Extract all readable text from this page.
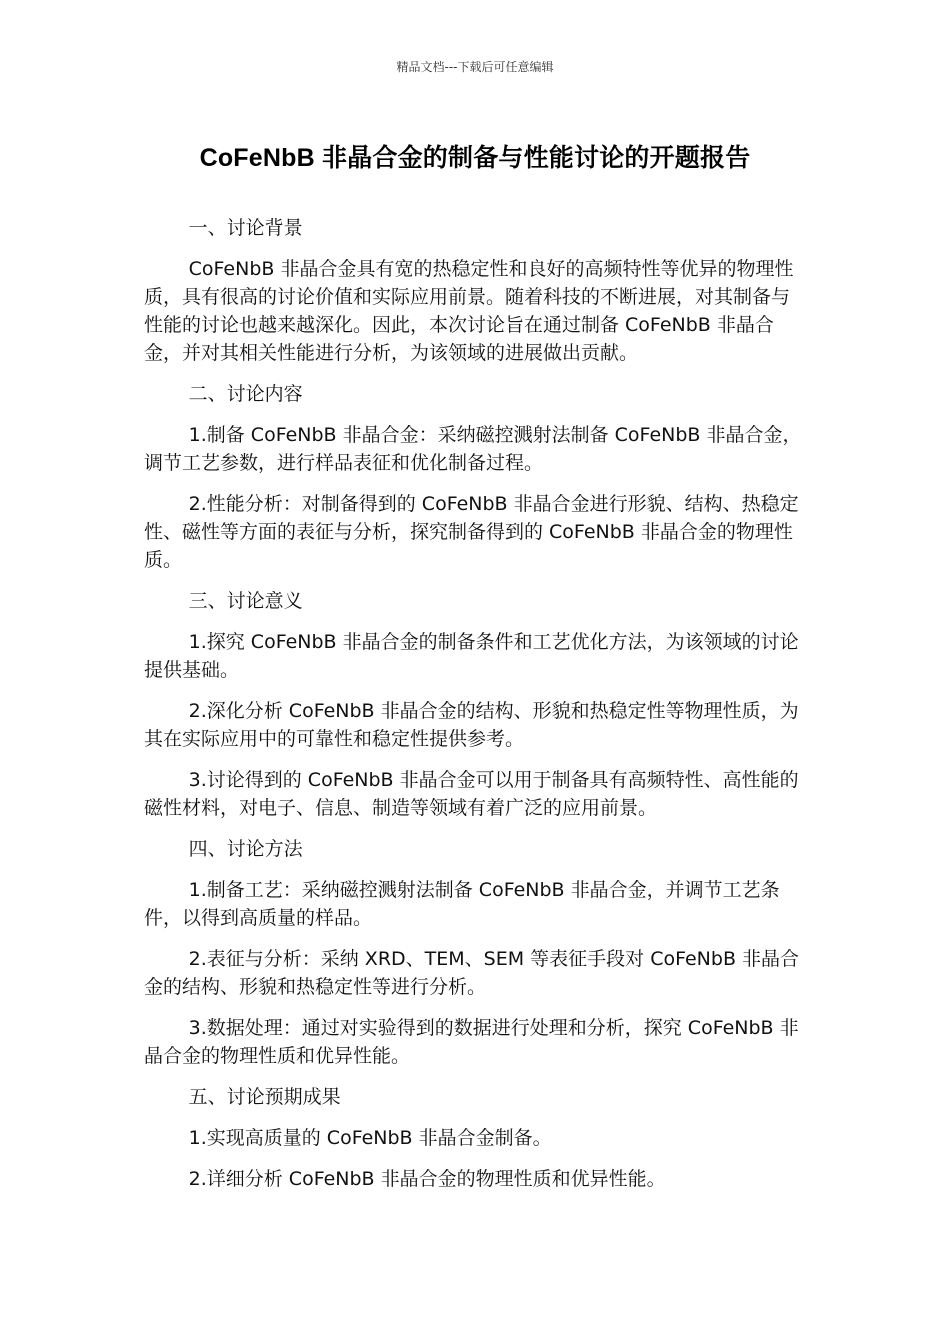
精品文档---下载后可任意编辑
CoFeNbB 非晶合金的制备与性能讨论的开题报告
一、讨论背景
CoFeNbB 非晶合金具有宽的热稳定性和良好的高频特性等优异的物理性质，具有很高的讨论价值和实际应用前景。随着科技的不断进展，对其制备与性能的讨论也越来越深化。因此，本次讨论旨在通过制备 CoFeNbB 非晶合金，并对其相关性能进行分析，为该领域的进展做出贡献。
二、讨论内容
1.制备 CoFeNbB 非晶合金：采纳磁控溅射法制备 CoFeNbB 非晶合金，调节工艺参数，进行样品表征和优化制备过程。
2.性能分析：对制备得到的 CoFeNbB 非晶合金进行形貌、结构、热稳定性、磁性等方面的表征与分析，探究制备得到的 CoFeNbB 非晶合金的物理性质。
三、讨论意义
1.探究 CoFeNbB 非晶合金的制备条件和工艺优化方法，为该领域的讨论提供基础。
2.深化分析 CoFeNbB 非晶合金的结构、形貌和热稳定性等物理性质，为其在实际应用中的可靠性和稳定性提供参考。
3.讨论得到的 CoFeNbB 非晶合金可以用于制备具有高频特性、高性能的磁性材料，对电子、信息、制造等领域有着广泛的应用前景。
四、讨论方法
1.制备工艺：采纳磁控溅射法制备 CoFeNbB 非晶合金，并调节工艺条件，以得到高质量的样品。
2.表征与分析：采纳 XRD、TEM、SEM 等表征手段对 CoFeNbB 非晶合金的结构、形貌和热稳定性等进行分析。
3.数据处理：通过对实验得到的数据进行处理和分析，探究 CoFeNbB 非晶合金的物理性质和优异性能。
五、讨论预期成果
1.实现高质量的 CoFeNbB 非晶合金制备。
2.详细分析 CoFeNbB 非晶合金的物理性质和优异性能。
